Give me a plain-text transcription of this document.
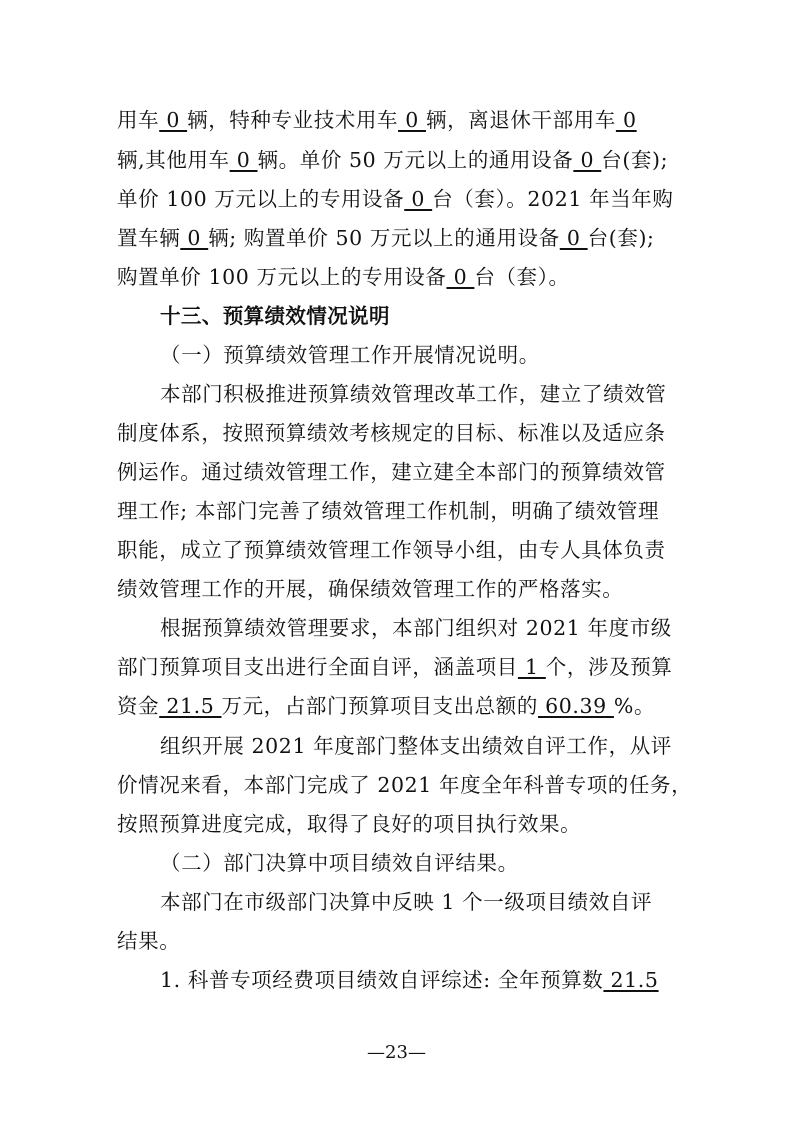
用车 0 辆，特种专业技术用车 0 辆，离退休干部用车 0
辆,其他用车 0 辆。单价 50 万元以上的通用设备 0 台(套);
单价 100 万元以上的专用设备 0 台（套）。2021 年当年购
置车辆 0 辆; 购置单价 50 万元以上的通用设备 0 台(套);
购置单价 100 万元以上的专用设备 0 台（套）。
十三、预算绩效情况说明
（一）预算绩效管理工作开展情况说明。
本部门积极推进预算绩效管理改革工作，建立了绩效管
制度体系，按照预算绩效考核规定的目标、标准以及适应条
例运作。通过绩效管理工作，建立建全本部门的预算绩效管
理工作; 本部门完善了绩效管理工作机制，明确了绩效管理
职能，成立了预算绩效管理工作领导小组，由专人具体负责
绩效管理工作的开展，确保绩效管理工作的严格落实。
根据预算绩效管理要求，本部门组织对 2021 年度市级
部门预算项目支出进行全面自评，涵盖项目 1 个，涉及预算
资金 21.5 万元，占部门预算项目支出总额的 60.39 %。
组织开展 2021 年度部门整体支出绩效自评工作，从评
价情况来看，本部门完成了 2021 年度全年科普专项的任务，
按照预算进度完成，取得了良好的项目执行效果。
（二）部门决算中项目绩效自评结果。
本部门在市级部门决算中反映 1 个一级项目绩效自评
结果。
1. 科普专项经费项目绩效自评综述: 全年预算数 21.5
—23—
